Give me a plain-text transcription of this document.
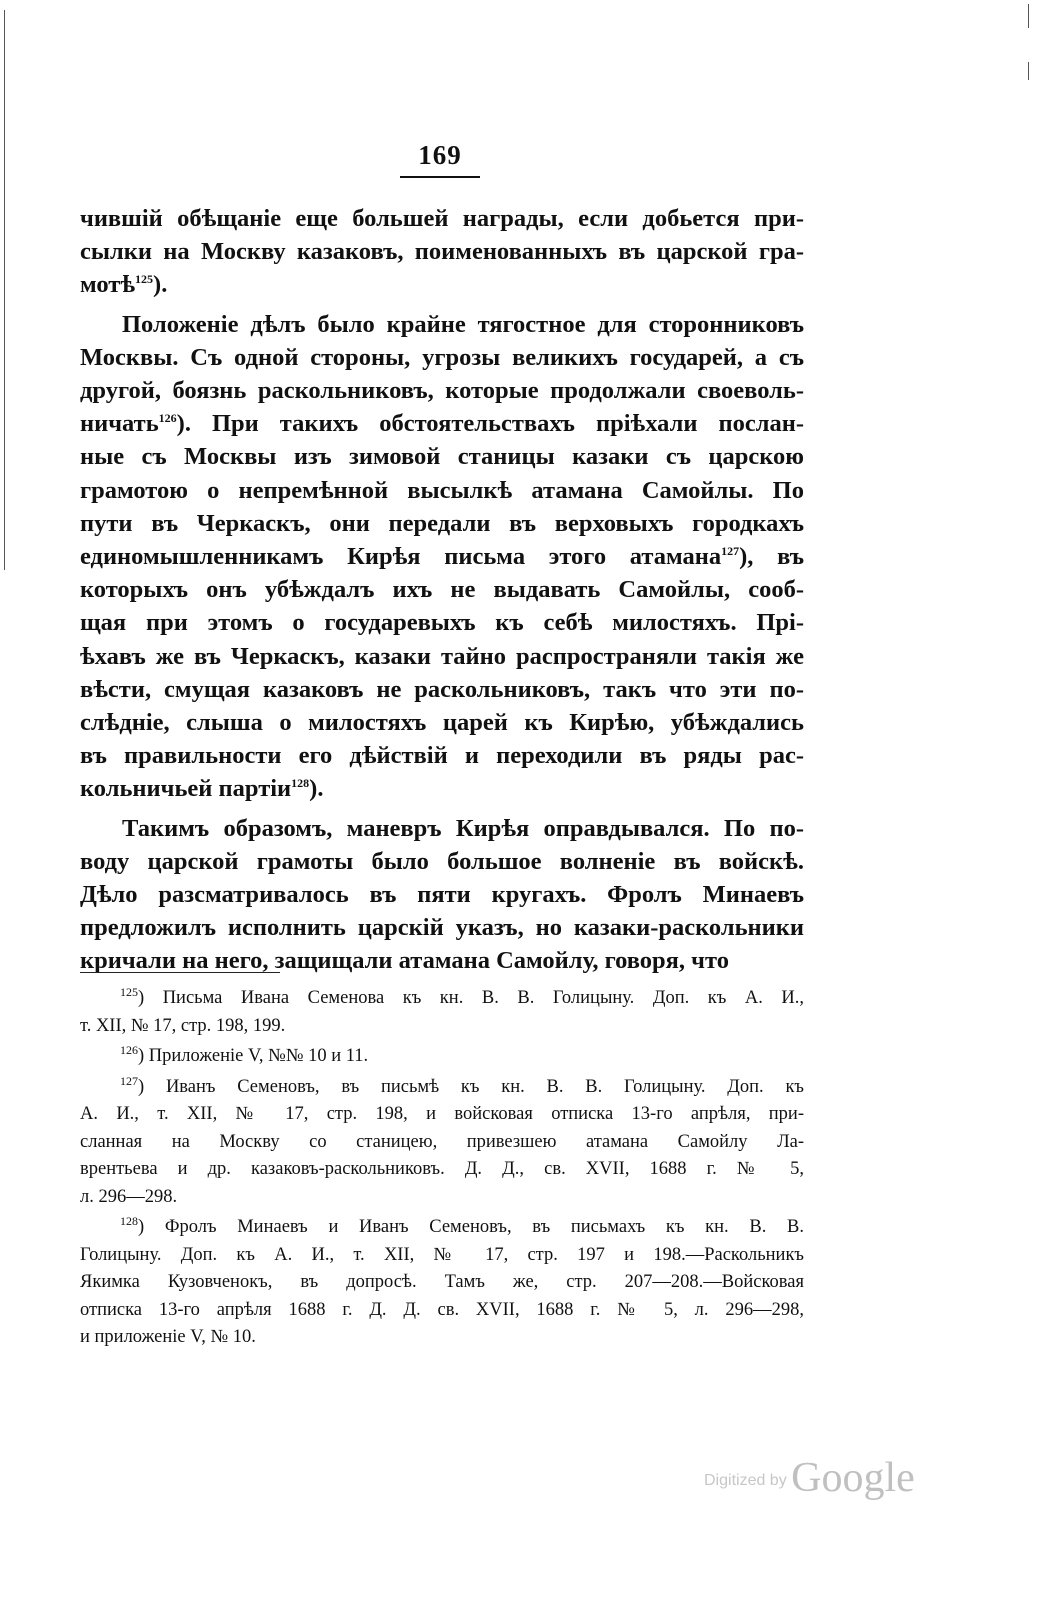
169
чившій обѣщаніе еще большей награды, если добьется при-
сылки на Москву казаковъ, поименованныхъ въ царской гра-
мотѣ$^{125}$).
Положеніе дѣлъ было крайне тягостное для сторонниковъ
Москвы. Съ одной стороны, угрозы великихъ государей, а съ
другой, боязнь раскольниковъ, которые продолжали своеволь-
ничать$^{126}$). При такихъ обстоятельствахъ пріѣхали послан-
ные съ Москвы изъ зимовой станицы казаки съ царскою
грамотою о непремѣнной высылкѣ атамана Самойлы. По
пути въ Черкаскъ, они передали въ верховыхъ городкахъ
единомышленникамъ Кирѣя письма этого атамана$^{127}$), въ
которыхъ онъ убѣждалъ ихъ не выдавать Самойлы, сооб-
щая при этомъ о государевыхъ къ себѣ милостяхъ. Прі-
ѣхавъ же въ Черкаскъ, казаки тайно распространяли такія же
вѣсти, смущая казаковъ не раскольниковъ, такъ что эти по-
слѣдніе, слыша о милостяхъ царей къ Кирѣю, убѣждались
въ правильности его дѣйствій и переходили въ ряды рас-
кольничьей партіи$^{128}$).
Такимъ образомъ, маневръ Кирѣя оправдывался. По по-
воду царской грамоты было большое волненіе въ войскѣ.
Дѣло разсматривалось въ пяти кругахъ. Фролъ Минаевъ
предложилъ исполнить царскій указъ, но казаки-раскольники
кричали на него, защищали атамана Самойлу, говоря, что
$^{125}$) Письма Ивана Семенова къ кн. В. В. Голицыну. Доп. къ А. И.,
т. XII, № 17, стр. 198, 199.
$^{126}$) Приложеніе V, №№ 10 и 11.
$^{127}$) Иванъ Семеновъ, въ письмѣ къ кн. В. В. Голицыну. Доп. къ
А. И., т. XII, № 17, стр. 198, и войсковая отписка 13-го апрѣля, при-
сланная на Москву со станицею, привезшею атамана Самойлу Ла-
врентьева и др. казаковъ-раскольниковъ. Д. Д., св. XVII, 1688 г. № 5,
л. 296—298.
$^{128}$) Фролъ Минаевъ и Иванъ Семеновъ, въ письмахъ къ кн. В. В.
Голицыну. Доп. къ А. И., т. XII, № 17, стр. 197 и 198.—Раскольникъ
Якимка Кузовченокъ, въ допросѣ. Тамъ же, стр. 207—208.—Войсковая
отписка 13-го апрѣля 1688 г. Д. Д. св. XVII, 1688 г. № 5, л. 296—298,
и приложеніе V, № 10.
Digitized by Google
